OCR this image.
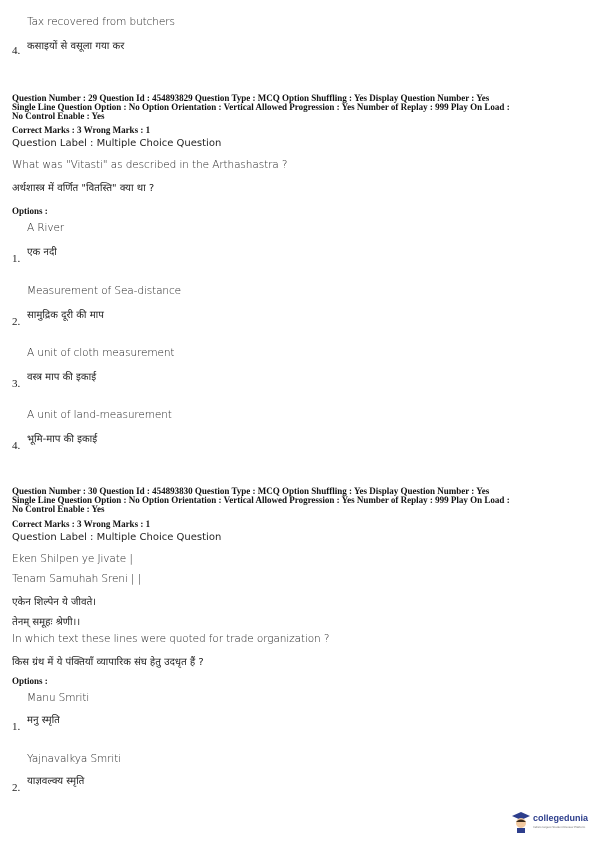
Tax recovered from butchers
4. कसाइयों से वसूला गया कर
Question Number : 29 Question Id : 454893829 Question Type : MCQ Option Shuffling : Yes Display Question Number : Yes
Single Line Question Option : No Option Orientation : Vertical Allowed Progression : Yes Number of Replay : 999 Play On Load :
No Control Enable : Yes
Correct Marks : 3 Wrong Marks : 1
Question Label : Multiple Choice Question
What was "Vitasti" as described in the Arthashastra ?
अर्थशास्त्र में वर्णित "वितस्ति" क्या था ?
Options :
A River
एक नदी
1.
Measurement of Sea-distance
सामुद्रिक दूरी की माप
2.
A unit of cloth measurement
वस्त्र माप की इकाई
3.
A unit of land-measurement
भूमि-माप की इकाई
4.
Question Number : 30 Question Id : 454893830 Question Type : MCQ Option Shuffling : Yes Display Question Number : Yes
Single Line Question Option : No Option Orientation : Vertical Allowed Progression : Yes Number of Replay : 999 Play On Load :
No Control Enable : Yes
Correct Marks : 3 Wrong Marks : 1
Question Label : Multiple Choice Question
Eken Shilpen ye Jivate |
Tenam Samuhah Sreni | |
एकेन शिल्पेन ये जीवते।
तेनम् समूहः श्रेणी।।
In which text these lines were quoted for trade organization ?
किस ग्रंथ में ये पंक्तियाँ व्यापारिक संघ हेतु उदधृत हैं ?
Options :
Manu Smriti
मनु स्मृति
1.
Yajnavalkya Smriti
याज्ञवल्क्य स्मृति
2.
collegedunia
India's largest Student Review Platform
